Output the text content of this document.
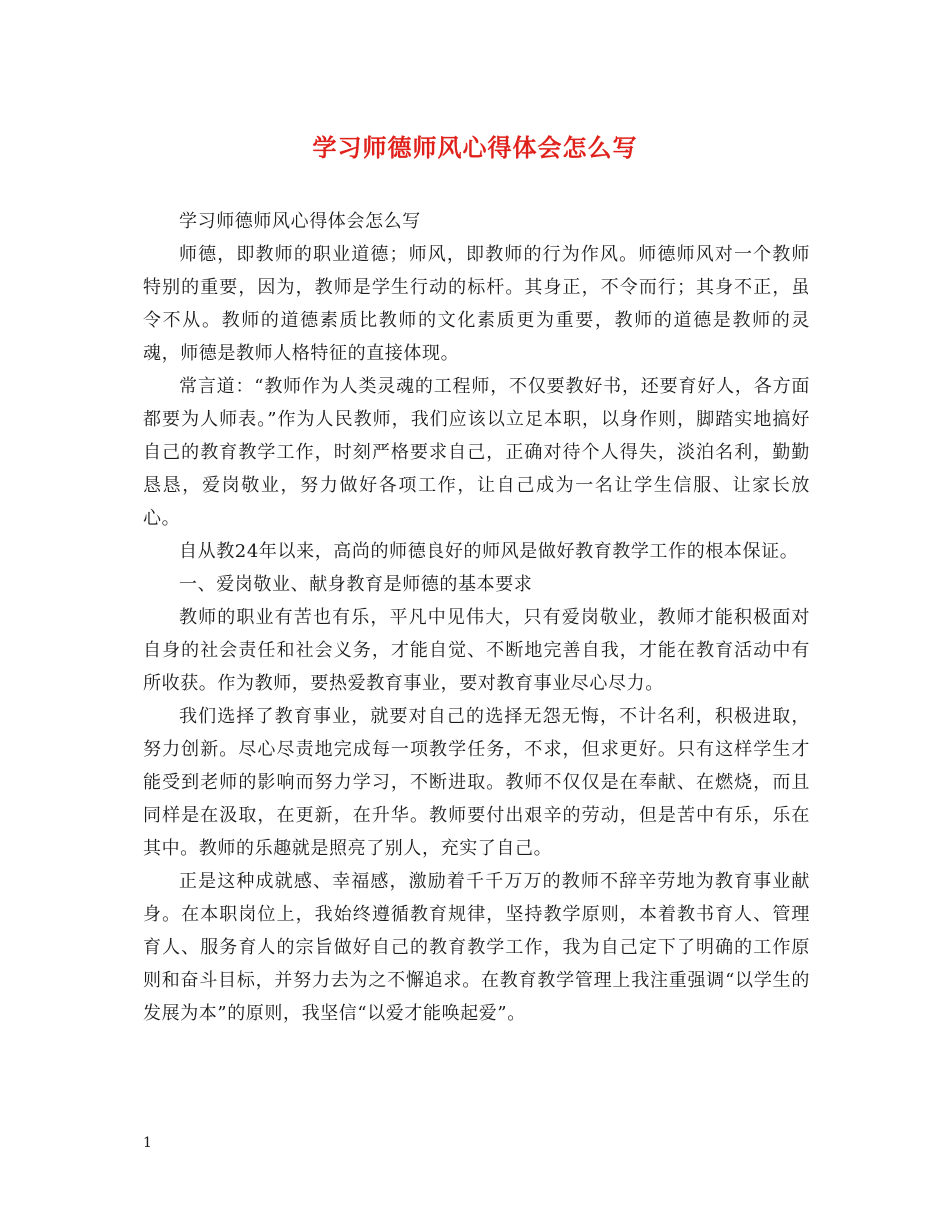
学习师德师风心得体会怎么写

学习师德师风心得体会怎么写

师德，即教师的职业道德；师风，即教师的行为作风。师德师风对一个教师特别的重要，因为，教师是学生行动的标杆。其身正，不令而行；其身不正，虽令不从。教师的道德素质比教师的文化素质更为重要，教师的道德是教师的灵魂，师德是教师人格特征的直接体现。

常言道：“教师作为人类灵魂的工程师，不仅要教好书，还要育好人，各方面都要为人师表。”作为人民教师，我们应该以立足本职，以身作则，脚踏实地搞好自己的教育教学工作，时刻严格要求自己，正确对待个人得失，淡泊名利，勤勤恳恳，爱岗敬业，努力做好各项工作，让自己成为一名让学生信服、让家长放心。

自从教24年以来，高尚的师德良好的师风是做好教育教学工作的根本保证。

一、爱岗敬业、献身教育是师德的基本要求

教师的职业有苦也有乐，平凡中见伟大，只有爱岗敬业，教师才能积极面对自身的社会责任和社会义务，才能自觉、不断地完善自我，才能在教育活动中有所收获。作为教师，要热爱教育事业，要对教育事业尽心尽力。

我们选择了教育事业，就要对自己的选择无怨无悔，不计名利，积极进取，努力创新。尽心尽责地完成每一项教学任务，不求，但求更好。只有这样学生才能受到老师的影响而努力学习，不断进取。教师不仅仅是在奉献、在燃烧，而且同样是在汲取，在更新，在升华。教师要付出艰辛的劳动，但是苦中有乐，乐在其中。教师的乐趣就是照亮了别人，充实了自己。

正是这种成就感、幸福感，激励着千千万万的教师不辞辛劳地为教育事业献身。在本职岗位上，我始终遵循教育规律，坚持教学原则，本着教书育人、管理育人、服务育人的宗旨做好自己的教育教学工作，我为自己定下了明确的工作原则和奋斗目标，并努力去为之不懈追求。在教育教学管理上我注重强调“以学生的发展为本”的原则，我坚信“以爱才能唤起爱”。

1
